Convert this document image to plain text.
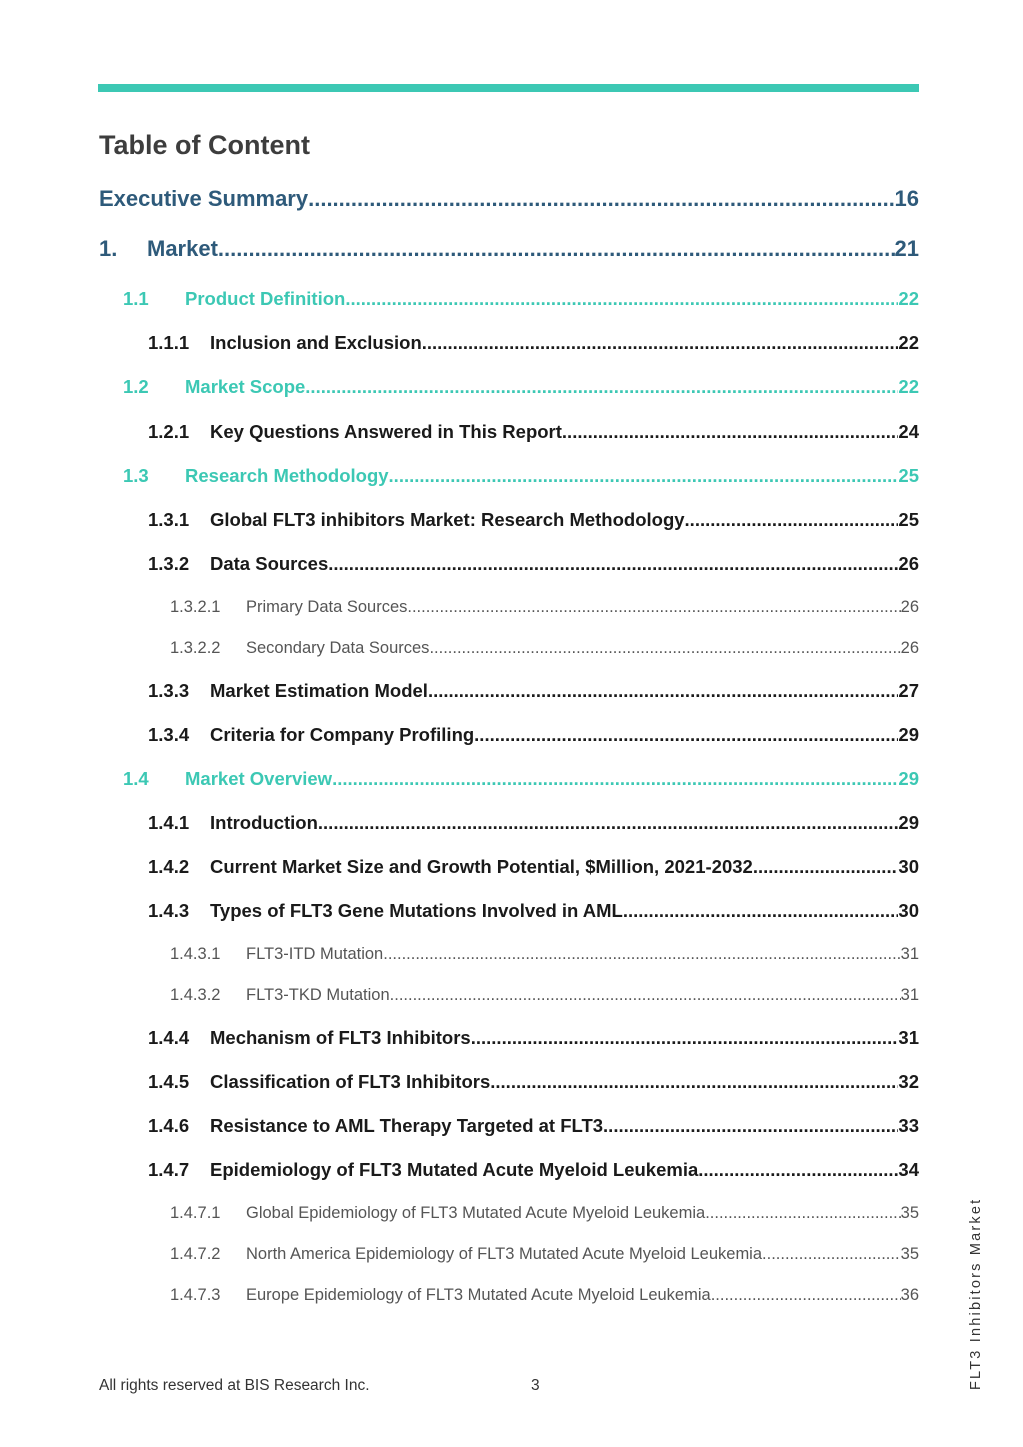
Table of Content
Executive Summary .....	16
1.	Market .....	21
1.1	Product Definition .....	22
1.1.1	Inclusion and Exclusion .....	22
1.2	Market Scope .....	22
1.2.1	Key Questions Answered in This Report .....	24
1.3	Research Methodology .....	25
1.3.1	Global FLT3 inhibitors Market: Research Methodology .....	25
1.3.2	Data Sources .....	26
1.3.2.1	Primary Data Sources .....	26
1.3.2.2	Secondary Data Sources .....	26
1.3.3	Market Estimation Model .....	27
1.3.4	Criteria for Company Profiling .....	29
1.4	Market Overview .....	29
1.4.1	Introduction .....	29
1.4.2	Current Market Size and Growth Potential, $Million, 2021-2032 .....	30
1.4.3	Types of FLT3 Gene Mutations Involved in AML .....	30
1.4.3.1	FLT3-ITD Mutation .....	31
1.4.3.2	FLT3-TKD Mutation .....	31
1.4.4	Mechanism of FLT3 Inhibitors .....	31
1.4.5	Classification of FLT3 Inhibitors .....	32
1.4.6	Resistance to AML Therapy Targeted at FLT3 .....	33
1.4.7	Epidemiology of FLT3 Mutated Acute Myeloid Leukemia .....	34
1.4.7.1	Global Epidemiology of FLT3 Mutated Acute Myeloid Leukemia .....	35
1.4.7.2	North America Epidemiology of FLT3 Mutated Acute Myeloid Leukemia .....	35
1.4.7.3	Europe Epidemiology of FLT3 Mutated Acute Myeloid Leukemia .....	36
All rights reserved at BIS Research Inc.	3	FLT3 Inhibitors Market
